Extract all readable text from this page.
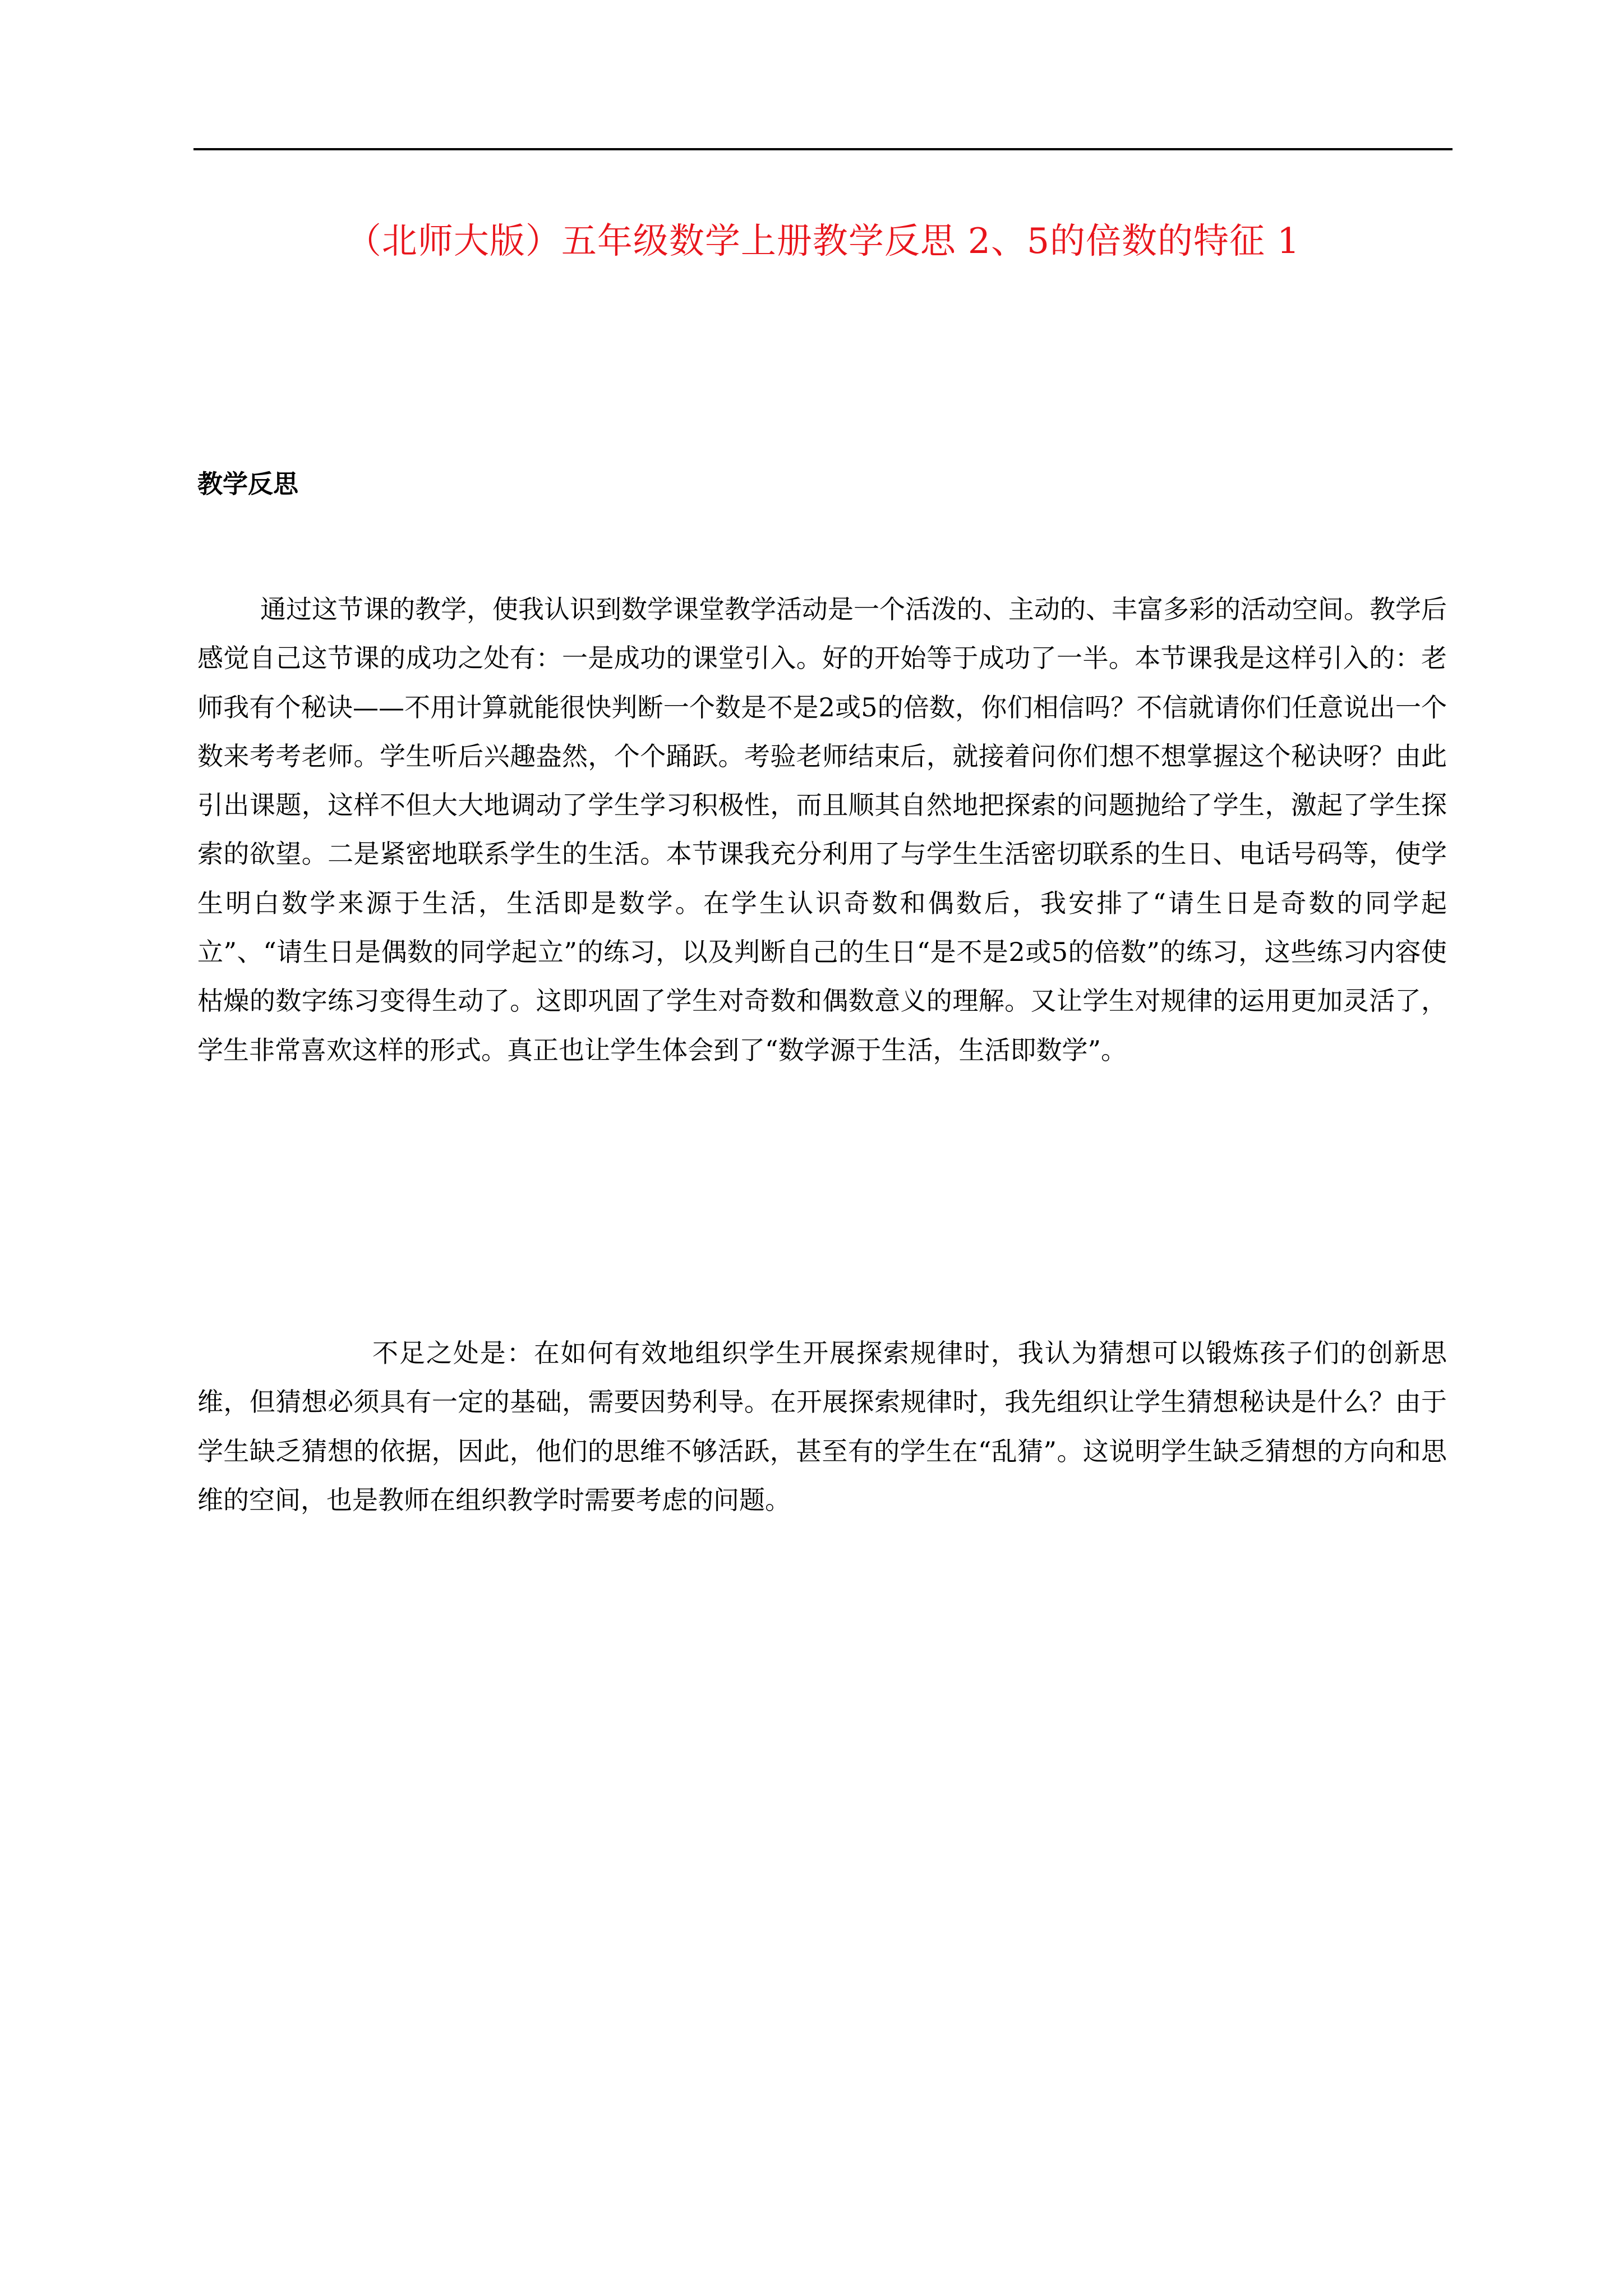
（北师大版）五年级数学上册教学反思 2、5的倍数的特征 1
教学反思

通过这节课的教学，使我认识到数学课堂教学活动是一个活泼的、主动的、丰富多彩的活动空间。教学后感觉自己这节课的成功之处有：一是成功的课堂引入。好的开始等于成功了一半。本节课我是这样引入的：老师我有个秘诀——不用计算就能很快判断一个数是不是2或5的倍数，你们相信吗？不信就请你们任意说出一个数来考考老师。学生听后兴趣盎然，个个踊跃。考验老师结束后，就接着问你们想不想掌握这个秘诀呀？由此引出课题，这样不但大大地调动了学生学习积极性，而且顺其自然地把探索的问题抛给了学生，激起了学生探索的欲望。二是紧密地联系学生的生活。本节课我充分利用了与学生生活密切联系的生日、电话号码等，使学生明白数学来源于生活，生活即是数学。在学生认识奇数和偶数后，我安排了“请生日是奇数的同学起立”、“请生日是偶数的同学起立”的练习，以及判断自己的生日“是不是2或5的倍数”的练习，这些练习内容使枯燥的数字练习变得生动了。这即巩固了学生对奇数和偶数意义的理解。又让学生对规律的运用更加灵活了，学生非常喜欢这样的形式。真正也让学生体会到了“数学源于生活，生活即数学”。

不足之处是：在如何有效地组织学生开展探索规律时，我认为猜想可以锻炼孩子们的创新思维，但猜想必须具有一定的基础，需要因势利导。在开展探索规律时，我先组织让学生猜想秘诀是什么？由于学生缺乏猜想的依据，因此，他们的思维不够活跃，甚至有的学生在“乱猜”。这说明学生缺乏猜想的方向和思维的空间，也是教师在组织教学时需要考虑的问题。
